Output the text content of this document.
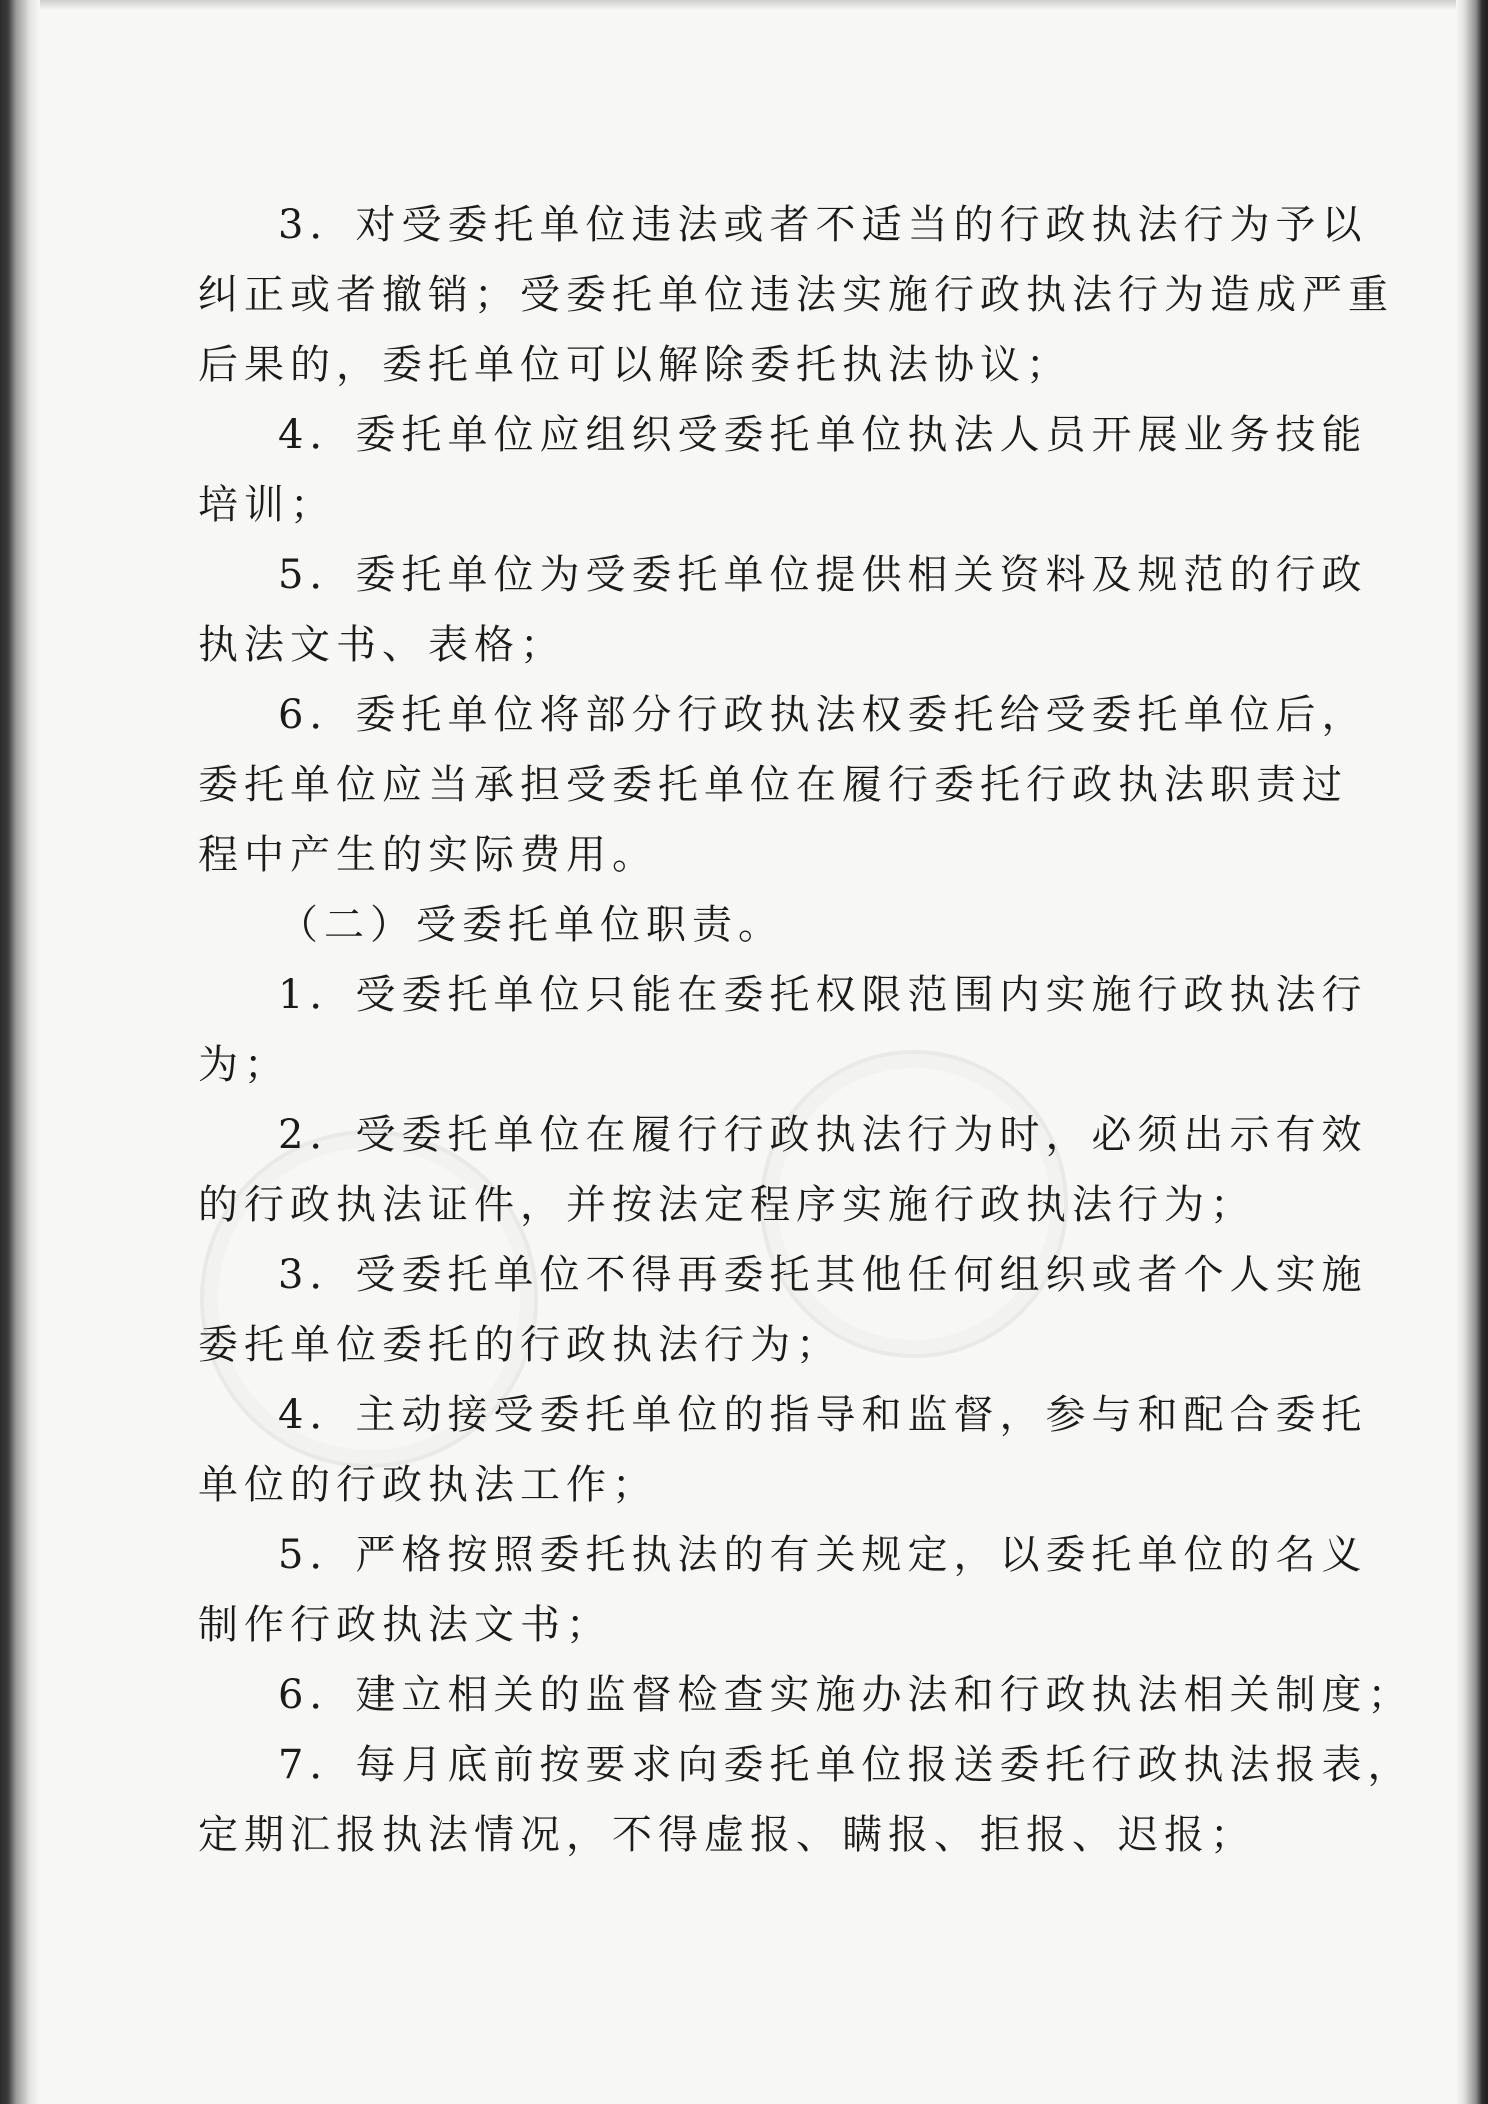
3．对受委托单位违法或者不适当的行政执法行为予以

纠正或者撤销；受委托单位违法实施行政执法行为造成严重

后果的，委托单位可以解除委托执法协议；

4．委托单位应组织受委托单位执法人员开展业务技能

培训；

5．委托单位为受委托单位提供相关资料及规范的行政

执法文书、表格；

6．委托单位将部分行政执法权委托给受委托单位后，

委托单位应当承担受委托单位在履行委托行政执法职责过

程中产生的实际费用。

（二）受委托单位职责。

1．受委托单位只能在委托权限范围内实施行政执法行

为；

2．受委托单位在履行行政执法行为时，必须出示有效

的行政执法证件，并按法定程序实施行政执法行为；

3．受委托单位不得再委托其他任何组织或者个人实施

委托单位委托的行政执法行为；

4．主动接受委托单位的指导和监督，参与和配合委托

单位的行政执法工作；

5．严格按照委托执法的有关规定，以委托单位的名义

制作行政执法文书；

6．建立相关的监督检查实施办法和行政执法相关制度；

7．每月底前按要求向委托单位报送委托行政执法报表，

定期汇报执法情况，不得虚报、瞒报、拒报、迟报；
